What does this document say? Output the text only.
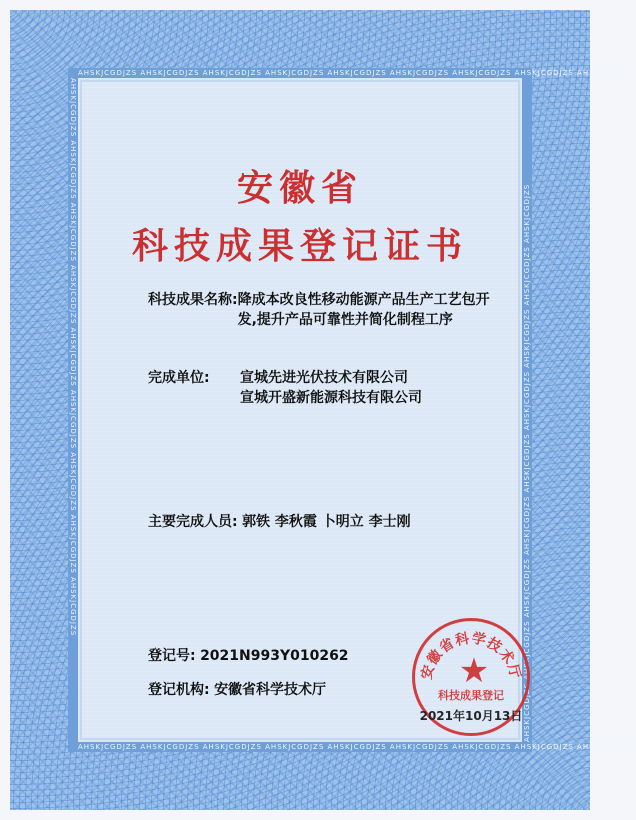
AHSKJCGDJZS AHSKJCGDJZS AHSKJCGDJZS AHSKJCGDJZS AHSKJCGDJZS AHSKJCGDJZS AHSKJCGDJZS AHSKJCGDJZS AHSKJCGDJZS
AHSKJCGDJZS AHSKJCGDJZS AHSKJCGDJZS AHSKJCGDJZS AHSKJCGDJZS AHSKJCGDJZS AHSKJCGDJZS AHSKJCGDJZS AHSKJCGDJZS
AHSKJCGDJZS AHSKJCGDJZS AHSKJCGDJZS AHSKJCGDJZS AHSKJCGDJZS AHSKJCGDJZS AHSKJCGDJZS AHSKJCGDJZS AHSKJCGDJZS	AHSKJCGDJZS AHSKJCGDJZS AHSKJCGDJZS AHSKJCGDJZS AHSKJCGDJZS AHSKJCGDJZS AHSKJCGDJZS AHSKJCGDJZS AHSKJCGDJZS
安徽省
科技成果登记证书
科技成果名称: 降成本改良性移动能源产品生产工艺包开发,提升产品可靠性并简化制程工序
完成单位:	宣城先进光伏技术有限公司
宣城开盛新能源科技有限公司
主要完成人员: 郭铁 李秋霞 卜明立 李士刚
登记号: 2021N993Y010262
登记机构: 安徽省科学技术厅
安徽省科学技术厅
★
科技成果登记
2021年10月13日
